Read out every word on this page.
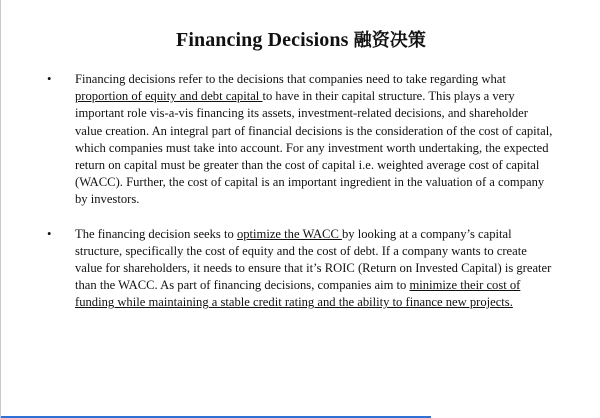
Financing Decisions 融资决策
• Financing decisions refer to the decisions that companies need to take regarding what proportion of equity and debt capital to have in their capital structure. This plays a very important role vis-a-vis financing its assets, investment-related decisions, and shareholder value creation. An integral part of financial decisions is the consideration of the cost of capital, which companies must take into account. For any investment worth undertaking, the expected return on capital must be greater than the cost of capital i.e. weighted average cost of capital (WACC). Further, the cost of capital is an important ingredient in the valuation of a company by investors.
• The financing decision seeks to optimize the WACC by looking at a company’s capital structure, specifically the cost of equity and the cost of debt. If a company wants to create value for shareholders, it needs to ensure that it’s ROIC (Return on Invested Capital) is greater than the WACC. As part of financing decisions, companies aim to minimize their cost of funding while maintaining a stable credit rating and the ability to finance new projects.
